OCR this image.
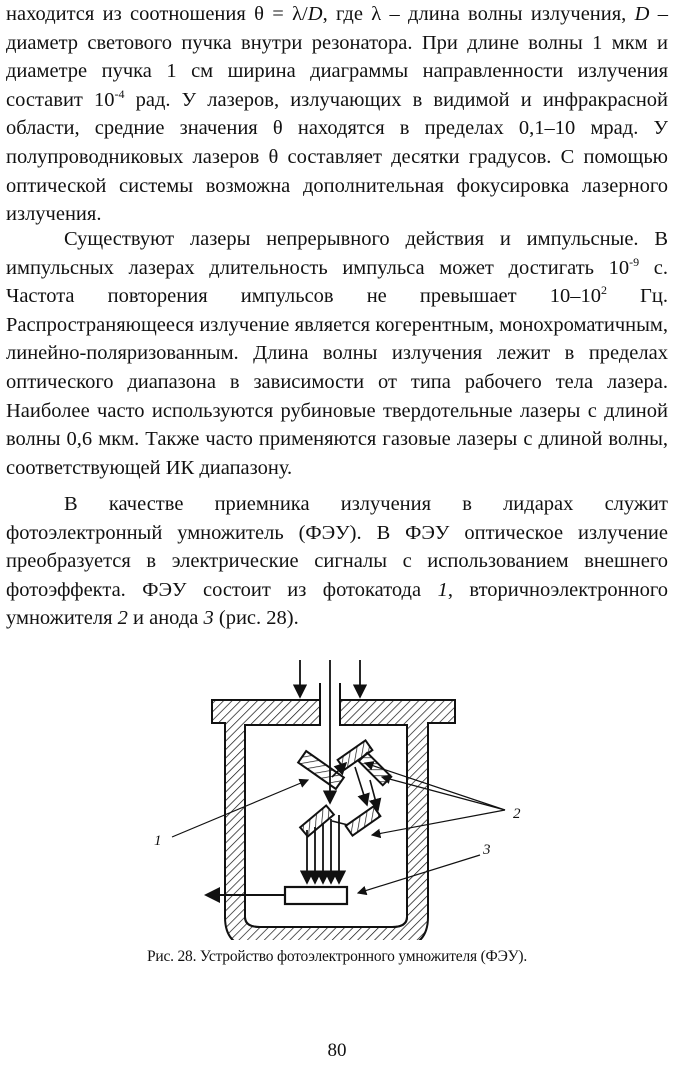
находится из соотношения θ = λ/D, где λ – длина волны излучения, D – диаметр светового пучка внутри резонатора. При длине волны 1 мкм и диаметре пучка 1 см ширина диаграммы направленности излучения составит $10^{-4}$ рад. У лазеров, излучающих в видимой и инфракрасной области, средние значения θ находятся в пределах 0,1–10 мрад. У полупроводниковых лазеров θ составляет десятки градусов. С помощью оптической системы возможна дополнительная фокусировка лазерного излучения.

Существуют лазеры непрерывного действия и импульсные. В импульсных лазерах длительность импульса может достигать $10^{-9}$ с. Частота повторения импульсов не превышает $10-10^2$ Гц. Распространяющееся излучение является когерентным, монохроматичным, линейно-поляризованным. Длина волны излучения лежит в пределах оптического диапазона в зависимости от типа рабочего тела лазера. Наиболее часто используются рубиновые твердотельные лазеры с длиной волны 0,6 мкм. Также часто применяются газовые лазеры с длиной волны, соответствующей ИК диапазону.

В качестве приемника излучения в лидарах служит фотоэлектронный умножитель (ФЭУ). В ФЭУ оптическое излучение преобразуется в электрические сигналы с использованием внешнего фотоэффекта. ФЭУ состоит из фотокатода 1, вторичноэлектронного умножителя 2 и анода 3 (рис. 28).

1
2
3
Рис. 28. Устройство фотоэлектронного умножителя (ФЭУ).
80
